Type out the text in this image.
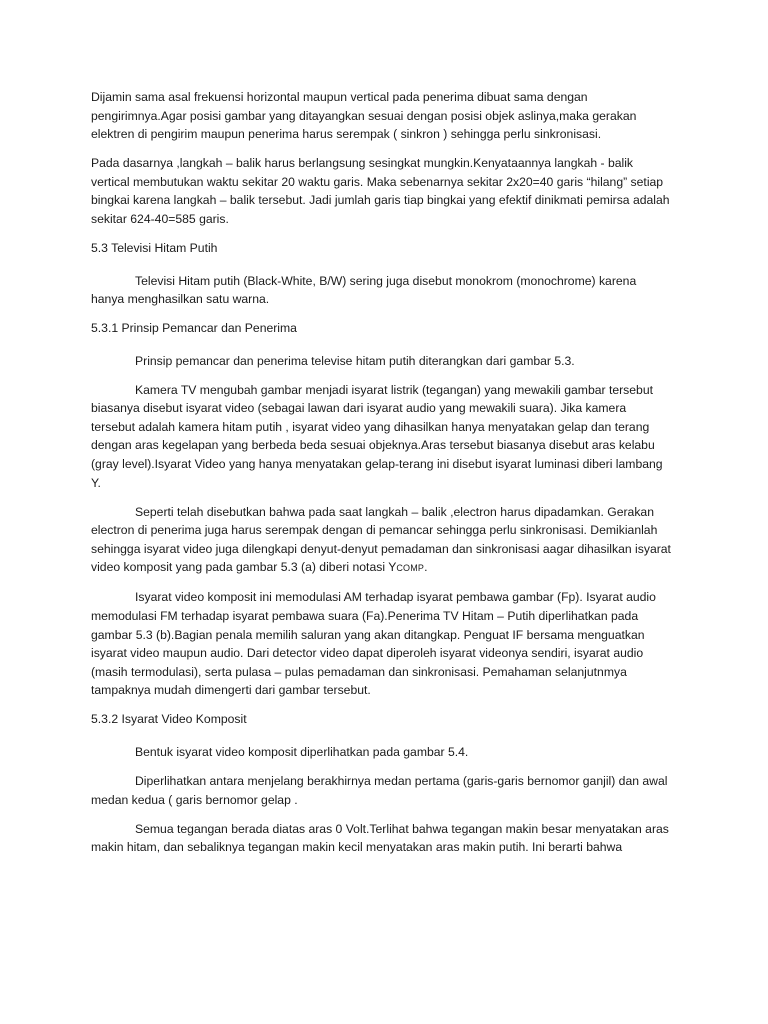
Dijamin sama asal frekuensi horizontal maupun vertical pada penerima dibuat sama dengan pengirimnya.Agar posisi gambar yang ditayangkan sesuai dengan posisi objek aslinya,maka gerakan elektren di pengirim maupun penerima harus serempak ( sinkron ) sehingga perlu sinkronisasi.

Pada dasarnya ,langkah – balik harus berlangsung sesingkat mungkin.Kenyataannya langkah - balik vertical membutukan waktu sekitar 20 waktu garis. Maka sebenarnya sekitar 2x20=40 garis “hilang” setiap bingkai karena langkah – balik tersebut. Jadi jumlah garis tiap bingkai yang efektif dinikmati pemirsa adalah sekitar 624-40=585 garis.

5.3 Televisi Hitam Putih

Televisi Hitam putih (Black-White, B/W) sering juga disebut monokrom (monochrome) karena hanya menghasilkan satu warna.

5.3.1 Prinsip Pemancar dan Penerima

Prinsip pemancar dan penerima televise hitam putih diterangkan dari gambar 5.3.

Kamera TV mengubah gambar menjadi isyarat listrik (tegangan) yang mewakili gambar tersebut biasanya disebut isyarat video (sebagai lawan dari isyarat audio yang mewakili suara). Jika kamera tersebut adalah kamera hitam putih , isyarat video yang dihasilkan hanya menyatakan gelap dan terang dengan aras kegelapan yang berbeda beda sesuai objeknya.Aras tersebut biasanya disebut aras kelabu (gray level).Isyarat Video yang hanya menyatakan gelap-terang ini disebut isyarat luminasi diberi lambang Y.

Seperti telah disebutkan bahwa pada saat langkah – balik ,electron harus dipadamkan. Gerakan electron di penerima juga harus serempak dengan di pemancar sehingga perlu sinkronisasi. Demikianlah sehingga isyarat video juga dilengkapi denyut-denyut pemadaman dan sinkronisasi aagar dihasilkan isyarat video komposit yang pada gambar 5.3 (a) diberi notasi YCOMP.

Isyarat video komposit ini memodulasi AM terhadap isyarat pembawa gambar (Fp). Isyarat audio memodulasi FM terhadap isyarat pembawa suara (Fa).Penerima TV Hitam – Putih diperlihatkan pada gambar 5.3 (b).Bagian penala memilih saluran yang akan ditangkap. Penguat IF bersama menguatkan isyarat video maupun audio. Dari detector video dapat diperoleh isyarat videonya sendiri, isyarat audio (masih termodulasi), serta pulasa – pulas pemadaman dan sinkronisasi. Pemahaman selanjutnmya tampaknya mudah dimengerti dari gambar tersebut.

5.3.2 Isyarat Video Komposit

Bentuk isyarat video komposit diperlihatkan pada gambar 5.4.

Diperlihatkan antara menjelang berakhirnya medan pertama (garis-garis bernomor ganjil) dan awal medan kedua ( garis bernomor gelap .

Semua tegangan berada diatas aras 0 Volt.Terlihat bahwa tegangan makin besar menyatakan aras makin hitam, dan sebaliknya tegangan makin kecil menyatakan aras makin putih. Ini berarti bahwa
